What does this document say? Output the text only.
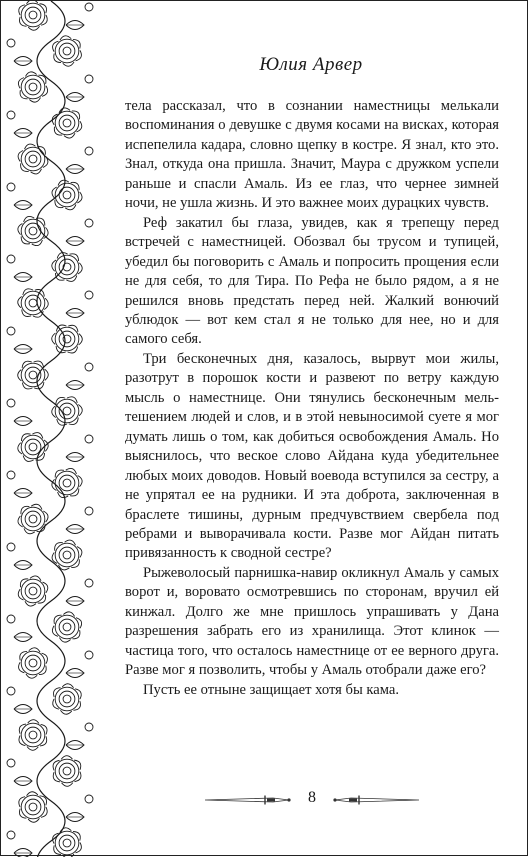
Юлия Арвер

тела рассказал, что в сознании наместницы мелькали воспоминания о девушке с двумя косами на висках, которая испепелила кадара, словно щепку в костре. Я знал, кто это. Знал, откуда она пришла. Значит, Маура с дружком успели раньше и спасли Амаль. Из ее глаз, что чернее зимней ночи, не ушла жизнь. И это важнее моих дурацких чувств.

Реф закатил бы глаза, увидев, как я трепещу перед встречей с наместницей. Обозвал бы трусом и тупицей, убедил бы поговорить с Амаль и попросить прощения если не для себя, то для Тира. По Рефа не было рядом, а я не решился вновь предстать перед ней. Жалкий вонючий ублюдок — вот кем стал я не только для нее, но и для самого себя.

Три бесконечных дня, казалось, вырвут мои жилы, разотрут в порошок кости и развеют по ветру каждую мысль о наместнице. Они тянулись бесконечным мельтешением людей и слов, и в этой невыносимой суете я мог думать лишь о том, как добиться освобождения Амаль. Но выяснилось, что веское слово Айдана куда убедительнее любых моих доводов. Новый воевода вступился за сестру, а не упрятал ее на рудники. И эта доброта, заключенная в браслете тишины, дурным предчувствием свербела под ребрами и выворачивала кости. Разве мог Айдан питать привязанность к сводной сестре?

Рыжеволосый парнишка-навир окликнул Амаль у самых ворот и, воровато осмотревшись по сторонам, вручил ей кинжал. Долго же мне пришлось упрашивать у Дана разрешения забрать его из хранилища. Этот клинок — частица того, что осталось наместнице от ее верного друга. Разве мог я позволить, чтобы у Амаль отобрали даже его?

Пусть ее отныне защищает хотя бы кама.

8
